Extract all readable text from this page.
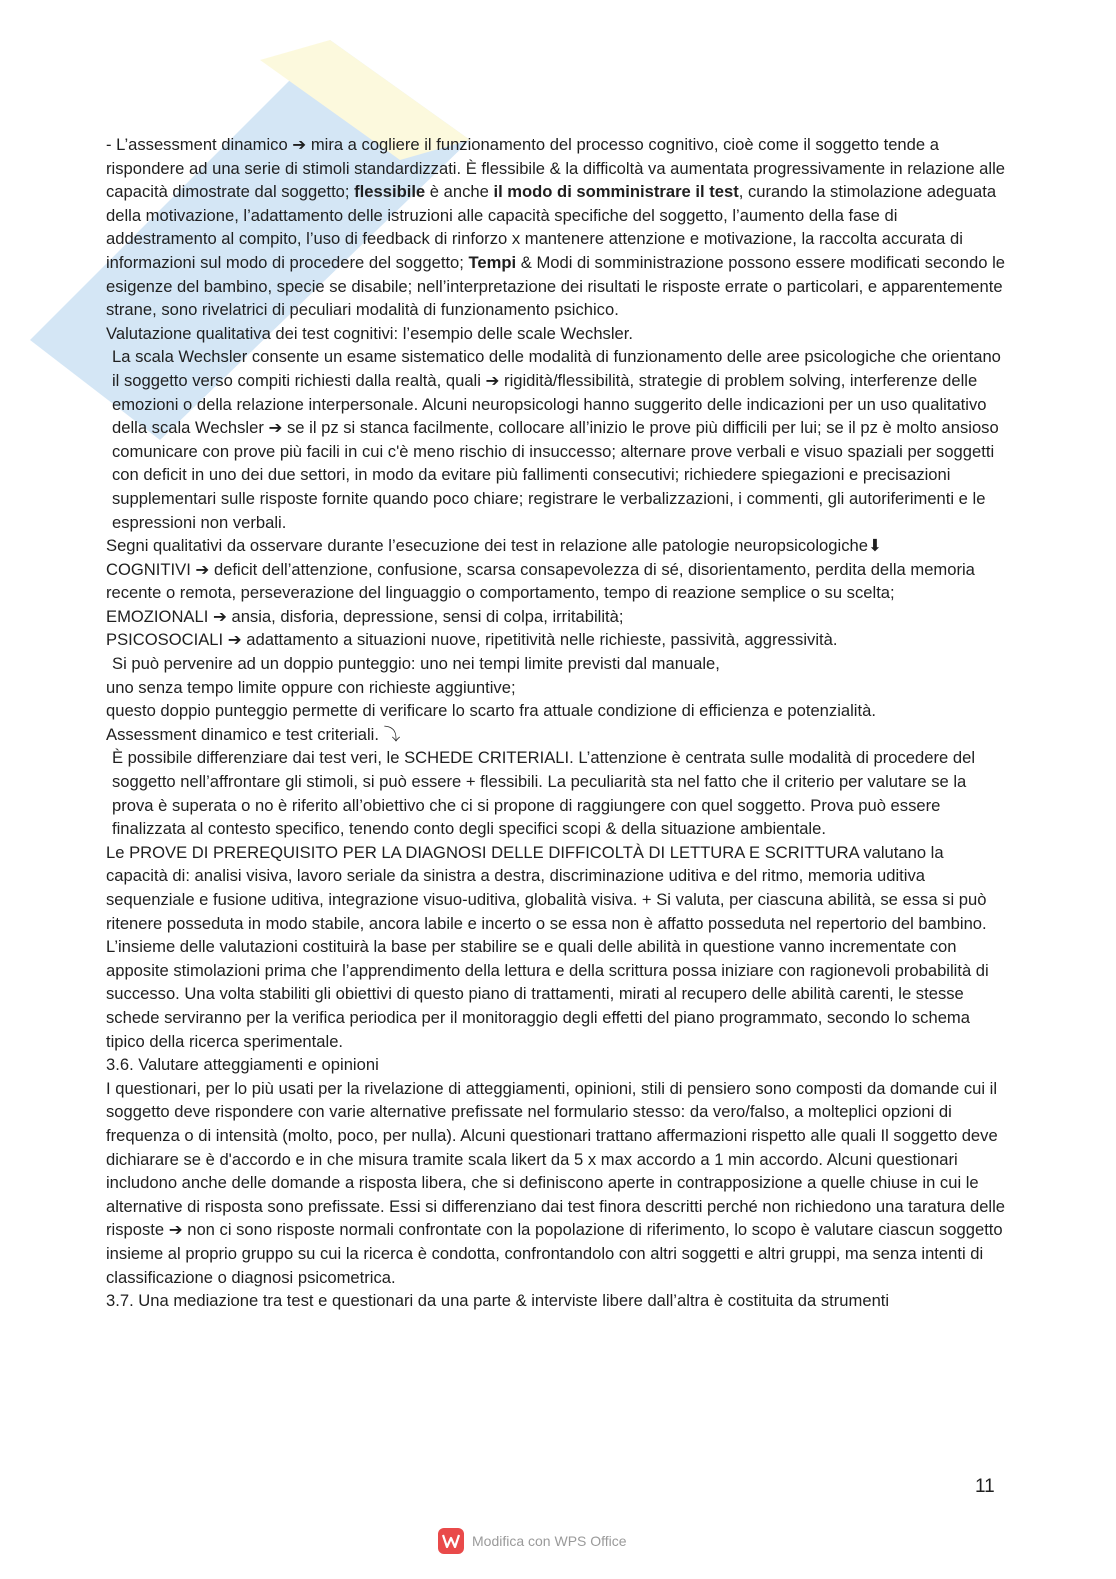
- L’assessment dinamico ➔ mira a cogliere il funzionamento del processo cognitivo, cioè come il soggetto tende a rispondere ad una serie di stimoli standardizzati. È flessibile & la difficoltà va aumentata progressivamente in relazione alle capacità dimostrate dal soggetto; flessibile è anche il modo di somministrare il test, curando la stimolazione adeguata della motivazione, l’adattamento delle istruzioni alle capacità specifiche del soggetto, l’aumento della fase di addestramento al compito, l’uso di feedback di rinforzo x mantenere attenzione e motivazione, la raccolta accurata di informazioni sul modo di procedere del soggetto; Tempi & Modi di somministrazione possono essere modificati secondo le esigenze del bambino, specie se disabile; nell’interpretazione dei risultati le risposte errate o particolari, e apparentemente strane, sono rivelatrici di peculiari modalità di funzionamento psichico.

Valutazione qualitativa dei test cognitivi: l’esempio delle scale Wechsler.

La scala Wechsler consente un esame sistematico delle modalità di funzionamento delle aree psicologiche che orientano il soggetto verso compiti richiesti dalla realtà, quali ➔ rigidità/flessibilità, strategie di problem solving, interferenze delle emozioni o della relazione interpersonale. Alcuni neuropsicologi hanno suggerito delle indicazioni per un uso qualitativo della scala Wechsler ➔ se il pz si stanca facilmente, collocare all’inizio le prove più difficili per lui; se il pz è molto ansioso comunicare con prove più facili in cui c'è meno rischio di insuccesso; alternare prove verbali e visuo spaziali per soggetti con deficit in uno dei due settori, in modo da evitare più fallimenti consecutivi; richiedere spiegazioni e precisazioni supplementari sulle risposte fornite quando poco chiare; registrare le verbalizzazioni, i commenti, gli autoriferimenti e le espressioni non verbali.

Segni qualitativi da osservare durante l’esecuzione dei test in relazione alle patologie neuropsicologiche⬇

COGNITIVI ➔ deficit dell’attenzione, confusione, scarsa consapevolezza di sé, disorientamento, perdita della memoria recente o remota, perseverazione del linguaggio o comportamento, tempo di reazione semplice o su scelta;

EMOZIONALI ➔ ansia, disforia, depressione, sensi di colpa, irritabilità;

PSICOSOCIALI ➔ adattamento a situazioni nuove, ripetitività nelle richieste, passività, aggressività.

Si può pervenire ad un doppio punteggio: uno nei tempi limite previsti dal manuale,

uno senza tempo limite oppure con richieste aggiuntive;

questo doppio punteggio permette di verificare lo scarto fra attuale condizione di efficienza e potenzialità.

Assessment dinamico e test criteriali. ⤵

È possibile differenziare dai test veri, le SCHEDE CRITERIALI. L’attenzione è centrata sulle modalità di procedere del soggetto nell’affrontare gli stimoli, si può essere + flessibili. La peculiarità sta nel fatto che il criterio per valutare se la prova è superata o no è riferito all’obiettivo che ci si propone di raggiungere con quel soggetto. Prova può essere finalizzata al contesto specifico, tenendo conto degli specifici scopi & della situazione ambientale.

Le PROVE DI PREREQUISITO PER LA DIAGNOSI DELLE DIFFICOLTÀ DI LETTURA E SCRITTURA valutano la capacità di: analisi visiva, lavoro seriale da sinistra a destra, discriminazione uditiva e del ritmo, memoria uditiva sequenziale e fusione uditiva, integrazione visuo-uditiva, globalità visiva. + Si valuta, per ciascuna abilità, se essa si può ritenere posseduta in modo stabile, ancora labile e incerto o se essa non è affatto posseduta nel repertorio del bambino. L’insieme delle valutazioni costituirà la base per stabilire se e quali delle abilità in questione vanno incrementate con apposite stimolazioni prima che l’apprendimento della lettura e della scrittura possa iniziare con ragionevoli probabilità di successo. Una volta stabiliti gli obiettivi di questo piano di trattamenti, mirati al recupero delle abilità carenti, le stesse schede serviranno per la verifica periodica per il monitoraggio degli effetti del piano programmato, secondo lo schema tipico della ricerca sperimentale.

3.6. Valutare atteggiamenti e opinioni

I questionari, per lo più usati per la rivelazione di atteggiamenti, opinioni, stili di pensiero sono composti da domande cui il soggetto deve rispondere con varie alternative prefissate nel formulario stesso: da vero/falso, a molteplici opzioni di frequenza o di intensità (molto, poco, per nulla). Alcuni questionari trattano affermazioni rispetto alle quali Il soggetto deve dichiarare se è d'accordo e in che misura tramite scala likert da 5 x max accordo a 1 min accordo. Alcuni questionari includono anche delle domande a risposta libera, che si definiscono aperte in contrapposizione a quelle chiuse in cui le alternative di risposta sono prefissate. Essi si differenziano dai test finora descritti perché non richiedono una taratura delle risposte ➔ non ci sono risposte normali confrontate con la popolazione di riferimento, lo scopo è valutare ciascun soggetto insieme al proprio gruppo su cui la ricerca è condotta, confrontandolo con altri soggetti e altri gruppi, ma senza intenti di classificazione o diagnosi psicometrica.

3.7. Una mediazione tra test e questionari da una parte & interviste libere dall’altra è costituita da strumenti

11
Modifica con WPS Office
